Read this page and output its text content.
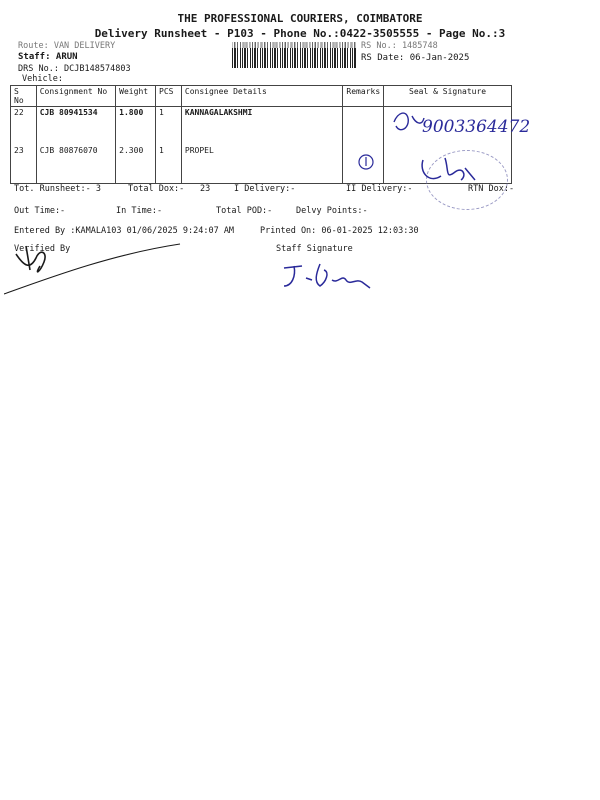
THE PROFESSIONAL COURIERS, COIMBATORE
Delivery Runsheet - P103 - Phone No.:0422-3505555 - Page No.:3
Route: VAN DELIVERY
Staff: ARUN
DRS No.: DCJB148574803
Vehicle:
RS No.: 1485748
RS Date: 06-Jan-2025
S No	Consignment No	Weight	PCS	Consignee Details	Remarks	Seal & Signature
22	CJB 80941534	1.800	1	KANNAGALAKSHMI		
23	CJB 80876070	2.300	1	PROPEL		
9003364472
Tot. Runsheet:- 3	Total Dox:- 23	I Delivery:-	II Delivery:-	RTN Dox:-
Out Time:-	In Time:-	Total POD:-	Delvy Points:-
Entered By :KAMALA103 01/06/2025 9:24:07 AM	Printed On: 06-01-2025 12:03:30
Verified By	Staff Signature
